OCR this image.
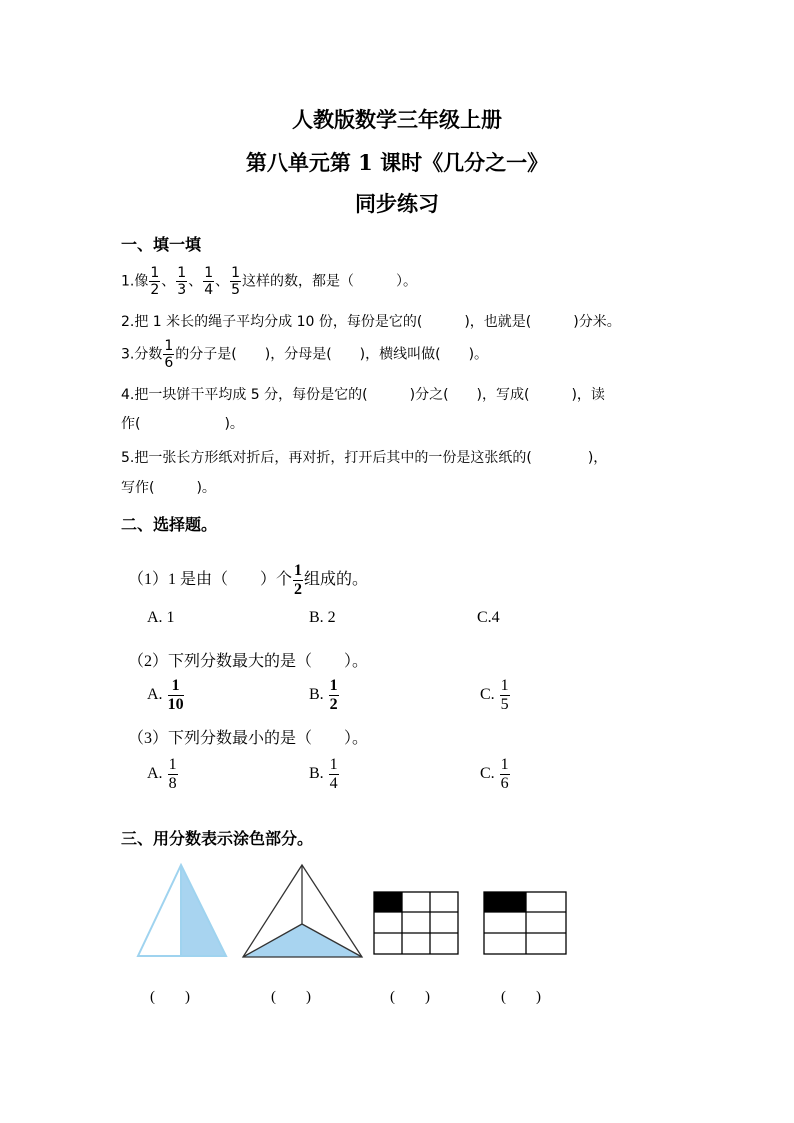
人教版数学三年级上册
第八单元第 1 课时《几分之一》
同步练习
一、填一填
1.像 $\frac{1}{2}$ 、 $\frac{1}{3}$ 、 $\frac{1}{4}$ 、 $\frac{1}{5}$ 这样的数，都是（　　　）。
2.把 1 米长的绳子平均分成 10 份，每份是它的(　　　)，也就是(　　　)分米。
3.分数 $\frac{1}{6}$ 的分子是(　　)，分母是(　　)，横线叫做(　　)。
4.把一块饼干平均成 5 分，每份是它的(　　　)分之(　　)，写成(　　　)，读
作(　　　　　　)。
5.把一张长方形纸对折后，再对折，打开后其中的一份是这张纸的(　　　　)，
写作(　　　)。
二、选择题。
（1）1 是由（　　）个 $\frac{1}{2}$ 组成的。
A. 1	B. 2	C.4
（2）下列分数最大的是（　　）。
A. $\frac{1}{10}$	B. $\frac{1}{2}$	C. $\frac{1}{5}$
（3）下列分数最小的是（　　）。
A. $\frac{1}{8}$	B. $\frac{1}{4}$	C. $\frac{1}{6}$
三、用分数表示涂色部分。
(　　)	(　　)	(　　)	(　　)
